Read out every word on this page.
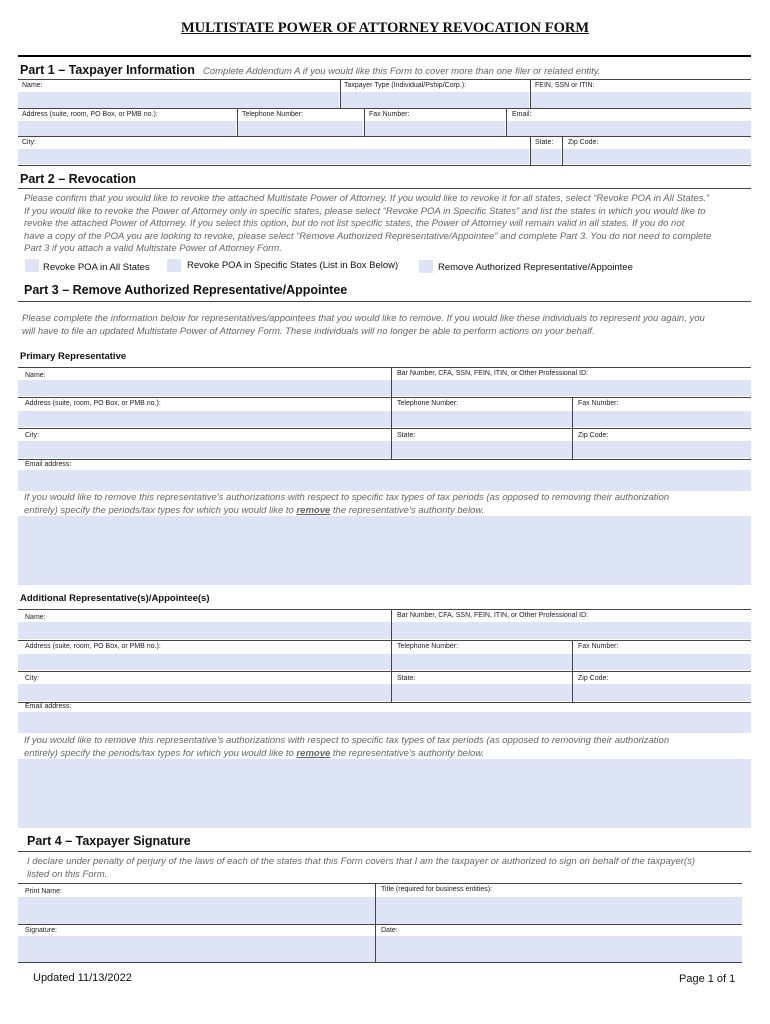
MULTISTATE POWER OF ATTORNEY REVOCATION FORM
Part 1 – Taxpayer Information Complete Addendum A if you would like this Form to cover more than one filer or related entity.
Name:	Taxpayer Type (Individual/Pship/Corp.):	FEIN, SSN or ITIN:
Address (suite, room, PO Box, or PMB no.):	Telephone Number:	Fax Number:	Email:
City:	State: Zip Code:
Part 2 – Revocation
Please confirm that you would like to revoke the attached Multistate Power of Attorney. If you would like to revoke it for all states, select “Revoke POA in All States.”
If you would like to revoke the Power of Attorney only in specific states, please select “Revoke POA in Specific States” and list the states in which you would like to
revoke the attached Power of Attorney. If you select this option, but do not list specific states, the Power of Attorney will remain valid in all states. If you do not
have a copy of the POA you are looking to revoke, please select “Remove Authorized Representative/Appointee” and complete Part 3. You do not need to complete
Part 3 if you attach a valid Multistate Power of Attorney Form.
Revoke POA in All States	Revoke POA in Specific States (List in Box Below)	Remove Authorized Representative/Appointee
Part 3 – Remove Authorized Representative/Appointee
Please complete the information below for representatives/appointees that you would like to remove. If you would like these individuals to represent you again, you
will have to file an updated Multistate Power of Attorney Form. These individuals will no longer be able to perform actions on your behalf.
Primary Representative
Name:	Bar Number, CFA, SSN, FEIN, ITIN, or Other Professional ID:
Address (suite, room, PO Box, or PMB no.):	Telephone Number:	Fax Number:
City:	State:	Zip Code:
Email address:
If you would like to remove this representative’s authorizations with respect to specific tax types of tax periods (as opposed to removing their authorization
entirely) specify the periods/tax types for which you would like to remove the representative’s authority below.
Additional Representative(s)/Appointee(s)
Name:	Bar Number, CFA, SSN, FEIN, ITIN, or Other Professional ID:
Address (suite, room, PO Box, or PMB no.):	Telephone Number:	Fax Number:
City:	State:	Zip Code:
Email address:
If you would like to remove this representative’s authorizations with respect to specific tax types of tax periods (as opposed to removing their authorization
entirely) specify the periods/tax types for which you would like to remove the representative’s authority below.
Part 4 – Taxpayer Signature
I declare under penalty of perjury of the laws of each of the states that this Form covers that I am the taxpayer or authorized to sign on behalf of the taxpayer(s)
listed on this Form.
Print Name:	Title (required for business entities):
Signature:	Date:
Updated 11/13/2022	Page 1 of 1
